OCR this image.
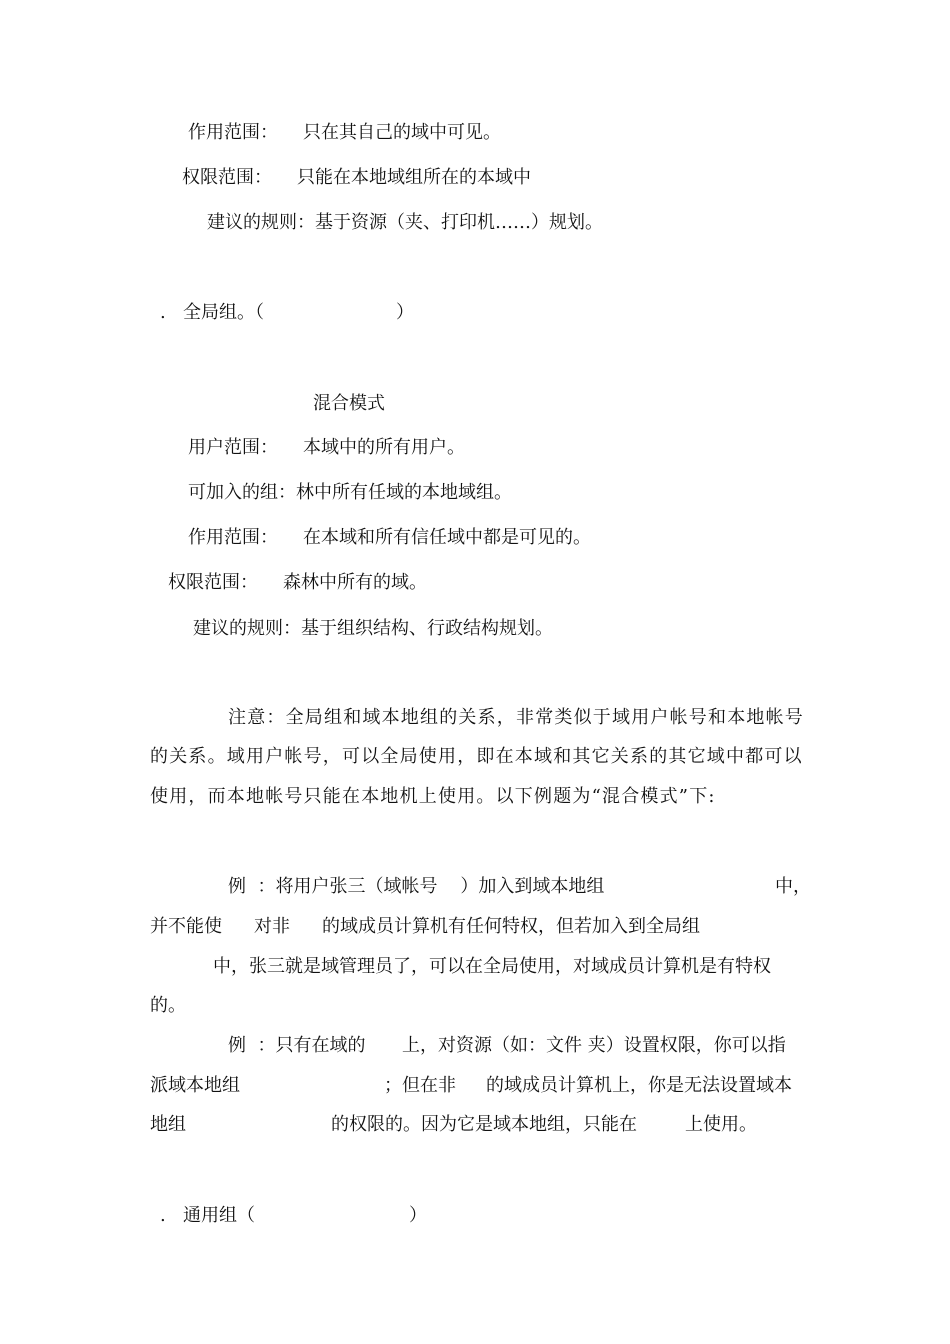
作用范围： 只在其自己的域中可见。
权限范围： 只能在本地域组所在的本域中
建议的规则：基于资源（夹、打印机……）规划。
. 全局组。（	）
混合模式
用户范围： 本域中的所有用户。
可加入的组：林中所有任域的本地域组。
作用范围： 在本域和所有信任域中都是可见的。
权限范围： 森林中所有的域。
建议的规则：基于组织结构、行政结构规划。
注意：全局组和域本地组的关系，非常类似于域用户帐号和本地帐号
的关系。域用户帐号，可以全局使用，即在本域和其它关系的其它域中都可以
使用，而本地帐号只能在本地机上使用。以下例题为“混合模式”下:
例  ：将用户张三（域帐号    ）加入到域本地组	中，
并不能使 对非 的域成员计算机有任何特权，但若加入到全局组
中，张三就是域管理员了，可以在全局使用，对域成员计算机是有特权
的。
例  ：只有在域的 上，对资源（如：文件 夹）设置权限，你可以指
派域本地组	；但在非 的域成员计算机上，你是无法设置域本
地组	的权限的。因为它是域本地组，只能在	上使用。
. 通用组（	）
